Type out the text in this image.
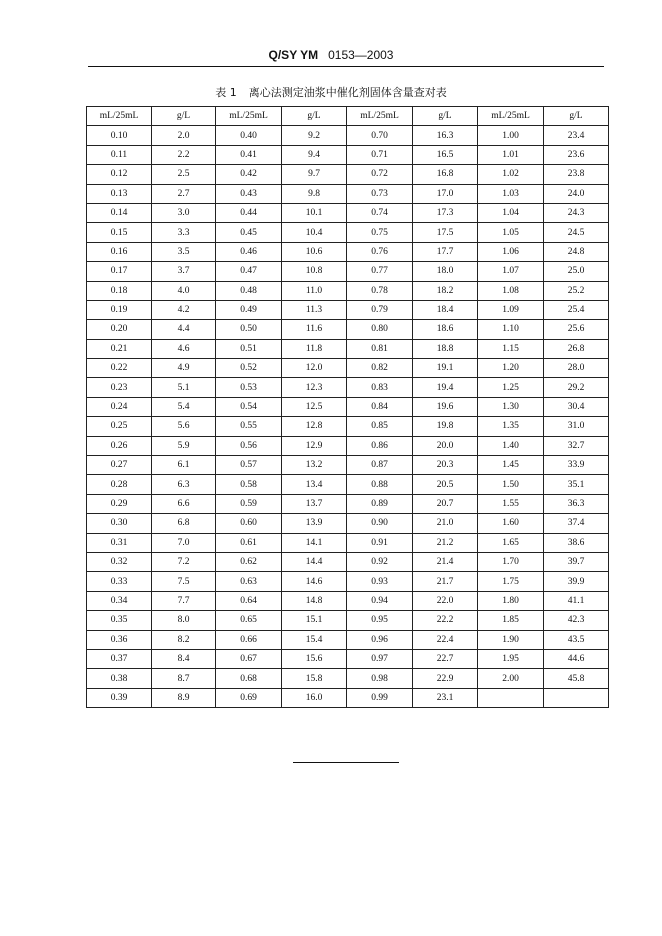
Q/SY YM 0153—2003
表 1 离心法测定油浆中催化剂固体含量查对表
mL/25mL	g/L	mL/25mL	g/L	mL/25mL	g/L	mL/25mL	g/L
0.10	2.0	0.40	9.2	0.70	16.3	1.00	23.4
0.11	2.2	0.41	9.4	0.71	16.5	1.01	23.6
0.12	2.5	0.42	9.7	0.72	16.8	1.02	23.8
0.13	2.7	0.43	9.8	0.73	17.0	1.03	24.0
0.14	3.0	0.44	10.1	0.74	17.3	1.04	24.3
0.15	3.3	0.45	10.4	0.75	17.5	1.05	24.5
0.16	3.5	0.46	10.6	0.76	17.7	1.06	24.8
0.17	3.7	0.47	10.8	0.77	18.0	1.07	25.0
0.18	4.0	0.48	11.0	0.78	18.2	1.08	25.2
0.19	4.2	0.49	11.3	0.79	18.4	1.09	25.4
0.20	4.4	0.50	11.6	0.80	18.6	1.10	25.6
0.21	4.6	0.51	11.8	0.81	18.8	1.15	26.8
0.22	4.9	0.52	12.0	0.82	19.1	1.20	28.0
0.23	5.1	0.53	12.3	0.83	19.4	1.25	29.2
0.24	5.4	0.54	12.5	0.84	19.6	1.30	30.4
0.25	5.6	0.55	12.8	0.85	19.8	1.35	31.0
0.26	5.9	0.56	12.9	0.86	20.0	1.40	32.7
0.27	6.1	0.57	13.2	0.87	20.3	1.45	33.9
0.28	6.3	0.58	13.4	0.88	20.5	1.50	35.1
0.29	6.6	0.59	13.7	0.89	20.7	1.55	36.3
0.30	6.8	0.60	13.9	0.90	21.0	1.60	37.4
0.31	7.0	0.61	14.1	0.91	21.2	1.65	38.6
0.32	7.2	0.62	14.4	0.92	21.4	1.70	39.7
0.33	7.5	0.63	14.6	0.93	21.7	1.75	39.9
0.34	7.7	0.64	14.8	0.94	22.0	1.80	41.1
0.35	8.0	0.65	15.1	0.95	22.2	1.85	42.3
0.36	8.2	0.66	15.4	0.96	22.4	1.90	43.5
0.37	8.4	0.67	15.6	0.97	22.7	1.95	44.6
0.38	8.7	0.68	15.8	0.98	22.9	2.00	45.8
0.39	8.9	0.69	16.0	0.99	23.1		
